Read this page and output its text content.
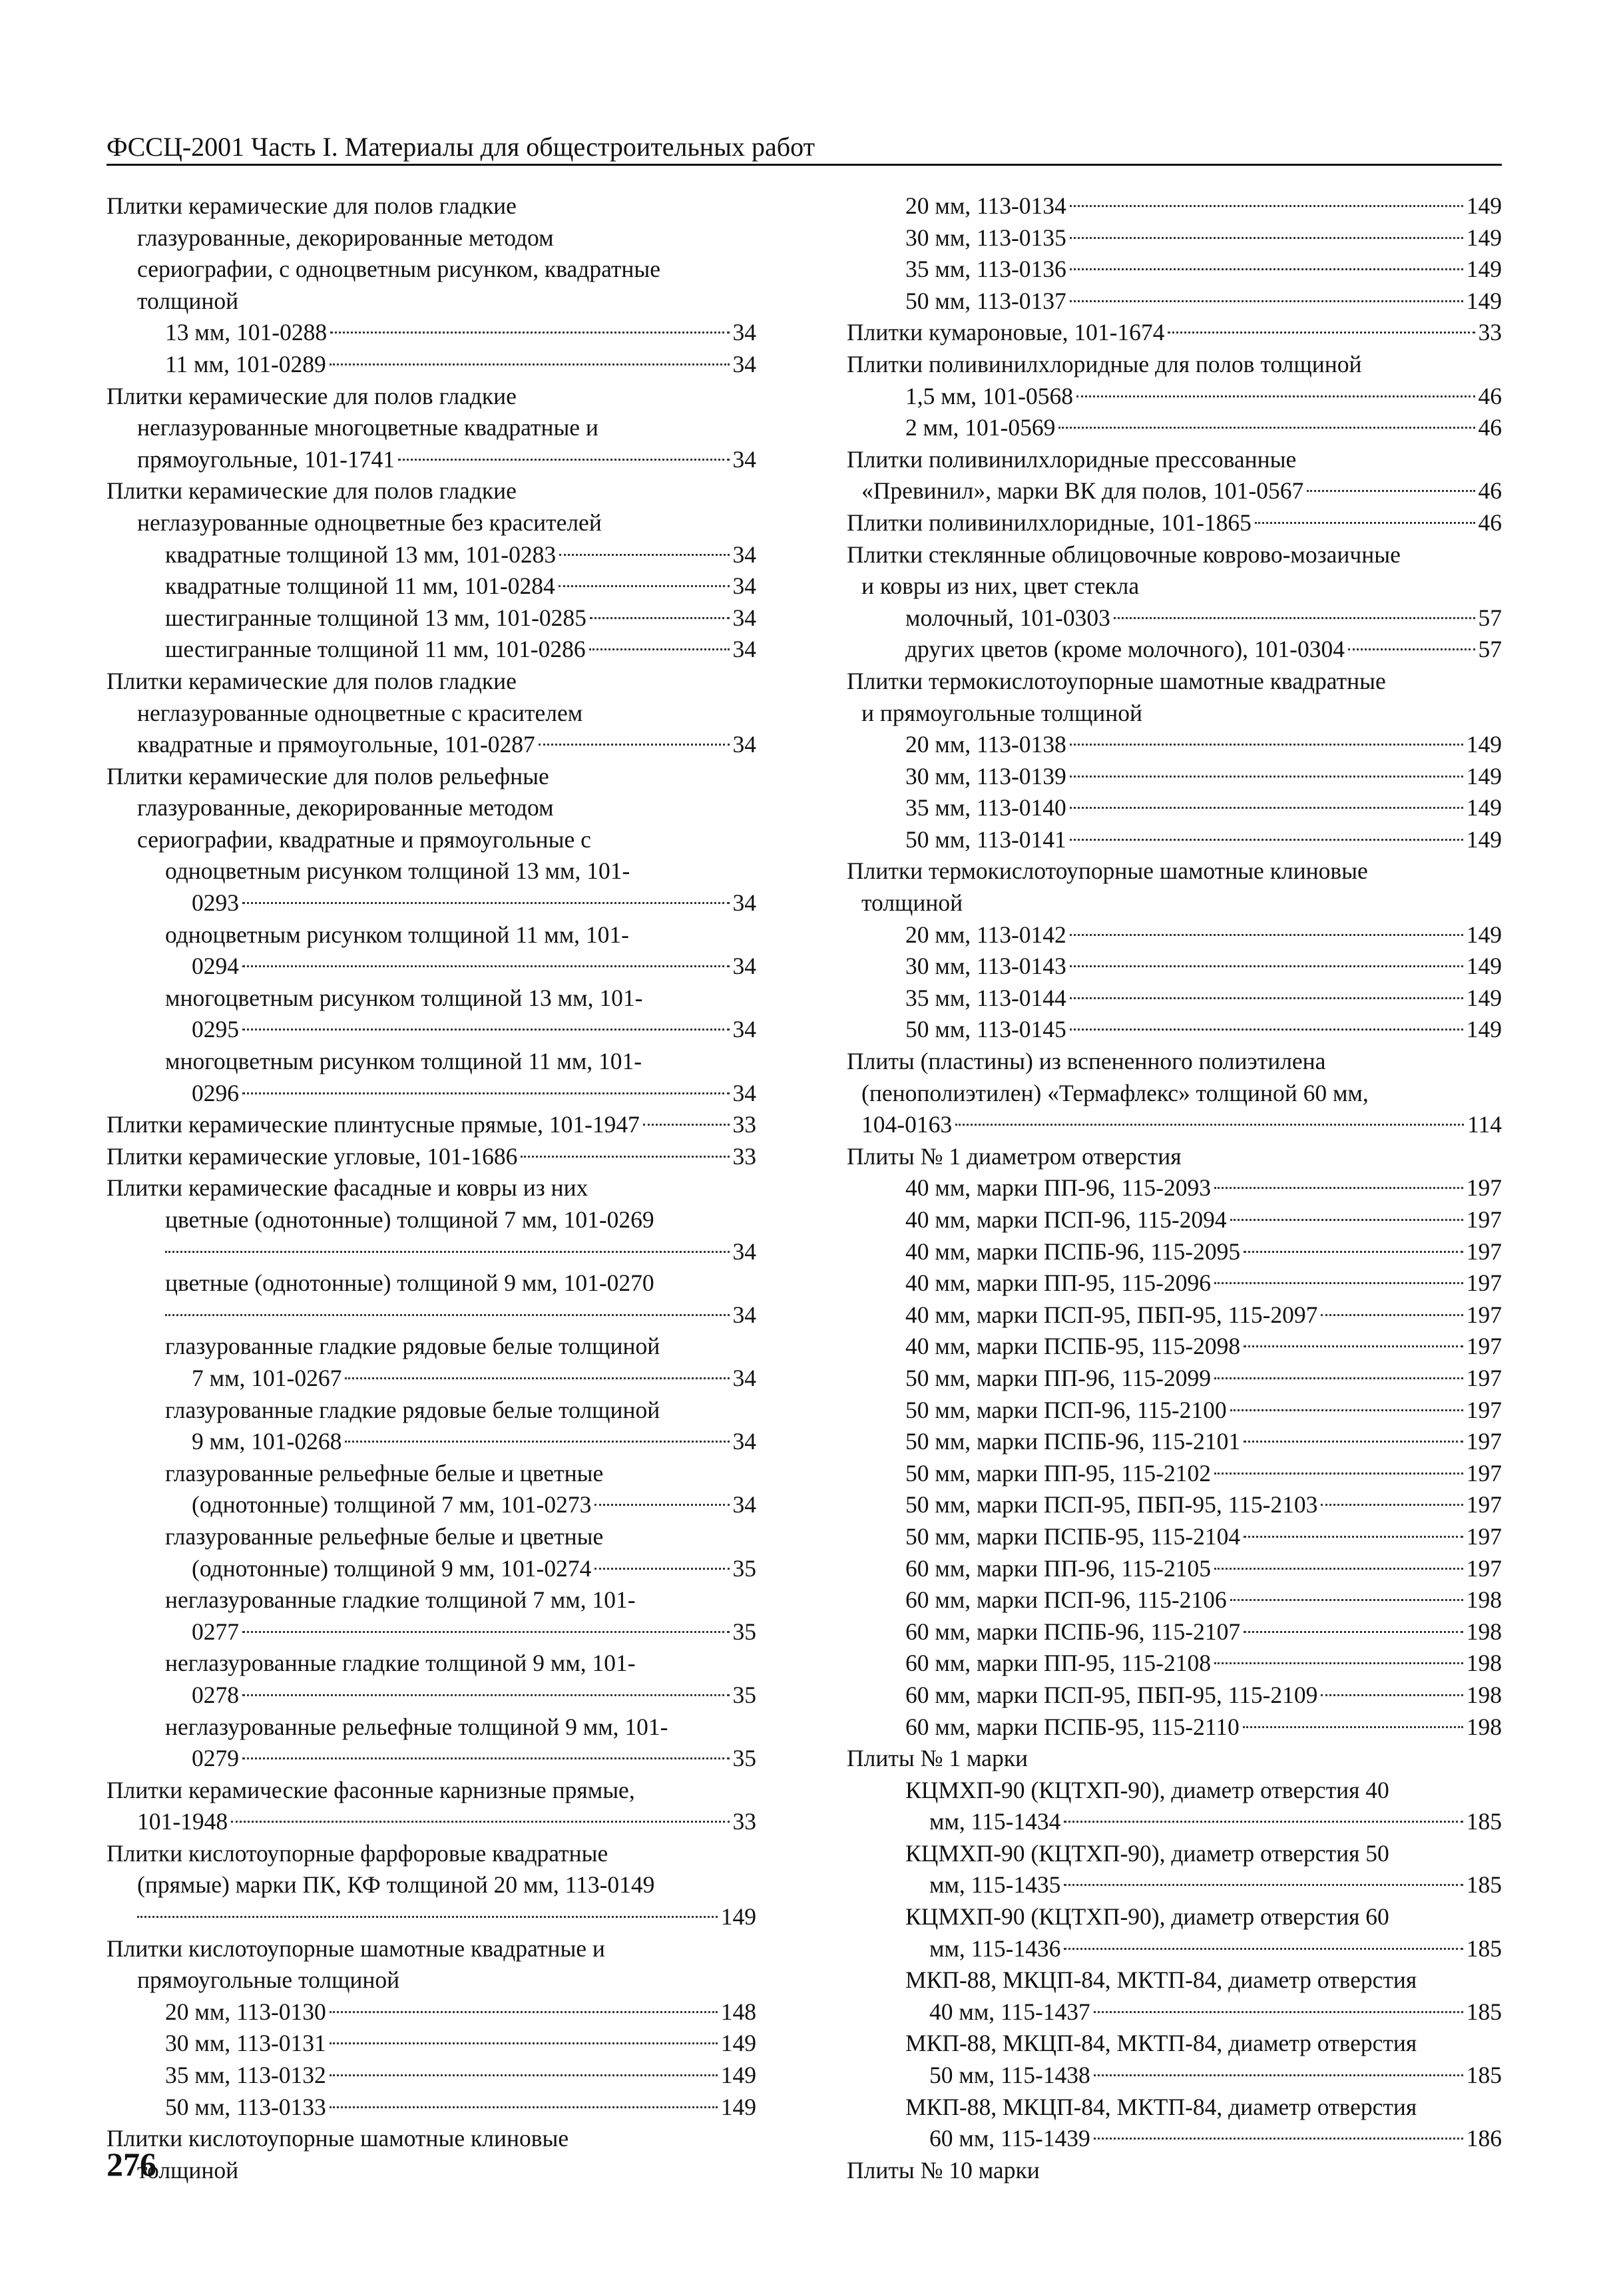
ФССЦ-2001 Часть I. Материалы для общестроительных работ
Плитки керамические для полов гладкие
глазурованные, декорированные методом
сериографии, с одноцветным рисунком, квадратные
толщиной
13 мм, 101-0288	34
11 мм, 101-0289	34
Плитки керамические для полов гладкие
неглазурованные многоцветные квадратные и
прямоугольные, 101-1741	34
Плитки керамические для полов гладкие
неглазурованные одноцветные без красителей
квадратные толщиной 13 мм, 101-0283	34
квадратные толщиной 11 мм, 101-0284	34
шестигранные толщиной 13 мм, 101-0285	34
шестигранные толщиной 11 мм, 101-0286	34
Плитки керамические для полов гладкие
неглазурованные одноцветные с красителем
квадратные и прямоугольные, 101-0287	34
Плитки керамические для полов рельефные
глазурованные, декорированные методом
сериографии, квадратные и прямоугольные с
одноцветным рисунком толщиной 13 мм, 101-
0293	34
одноцветным рисунком толщиной 11 мм, 101-
0294	34
многоцветным рисунком толщиной 13 мм, 101-
0295	34
многоцветным рисунком толщиной 11 мм, 101-
0296	34
Плитки керамические плинтусные прямые, 101-1947	33
Плитки керамические угловые, 101-1686	33
Плитки керамические фасадные и ковры из них
цветные (однотонные) толщиной 7 мм, 101-0269
34
цветные (однотонные) толщиной 9 мм, 101-0270
34
глазурованные гладкие рядовые белые толщиной
7 мм, 101-0267	34
глазурованные гладкие рядовые белые толщиной
9 мм, 101-0268	34
глазурованные рельефные белые и цветные
(однотонные) толщиной 7 мм, 101-0273	34
глазурованные рельефные белые и цветные
(однотонные) толщиной 9 мм, 101-0274	35
неглазурованные гладкие толщиной 7 мм, 101-
0277	35
неглазурованные гладкие толщиной 9 мм, 101-
0278	35
неглазурованные рельефные толщиной 9 мм, 101-
0279	35
Плитки керамические фасонные карнизные прямые,
101-1948	33
Плитки кислотоупорные фарфоровые квадратные
(прямые) марки ПК, КФ толщиной 20 мм, 113-0149
149
Плитки кислотоупорные шамотные квадратные и
прямоугольные толщиной
20 мм, 113-0130	148
30 мм, 113-0131	149
35 мм, 113-0132	149
50 мм, 113-0133	149
Плитки кислотоупорные шамотные клиновые
толщиной
20 мм, 113-0134	149
30 мм, 113-0135	149
35 мм, 113-0136	149
50 мм, 113-0137	149
Плитки кумароновые, 101-1674	33
Плитки поливинилхлоридные для полов толщиной
1,5 мм, 101-0568	46
2 мм, 101-0569	46
Плитки поливинилхлоридные прессованные
«Превинил», марки ВК для полов, 101-0567	46
Плитки поливинилхлоридные, 101-1865	46
Плитки стеклянные облицовочные коврово-мозаичные
и ковры из них, цвет стекла
молочный, 101-0303	57
других цветов (кроме молочного), 101-0304	57
Плитки термокислотоупорные шамотные квадратные
и прямоугольные толщиной
20 мм, 113-0138	149
30 мм, 113-0139	149
35 мм, 113-0140	149
50 мм, 113-0141	149
Плитки термокислотоупорные шамотные клиновые
толщиной
20 мм, 113-0142	149
30 мм, 113-0143	149
35 мм, 113-0144	149
50 мм, 113-0145	149
Плиты (пластины) из вспененного полиэтилена
(пенополиэтилен) «Термафлекс» толщиной 60 мм,
104-0163	114
Плиты № 1 диаметром отверстия
40 мм, марки ПП-96, 115-2093	197
40 мм, марки ПСП-96, 115-2094	197
40 мм, марки ПСПБ-96, 115-2095	197
40 мм, марки ПП-95, 115-2096	197
40 мм, марки ПСП-95, ПБП-95, 115-2097	197
40 мм, марки ПСПБ-95, 115-2098	197
50 мм, марки ПП-96, 115-2099	197
50 мм, марки ПСП-96, 115-2100	197
50 мм, марки ПСПБ-96, 115-2101	197
50 мм, марки ПП-95, 115-2102	197
50 мм, марки ПСП-95, ПБП-95, 115-2103	197
50 мм, марки ПСПБ-95, 115-2104	197
60 мм, марки ПП-96, 115-2105	197
60 мм, марки ПСП-96, 115-2106	198
60 мм, марки ПСПБ-96, 115-2107	198
60 мм, марки ПП-95, 115-2108	198
60 мм, марки ПСП-95, ПБП-95, 115-2109	198
60 мм, марки ПСПБ-95, 115-2110	198
Плиты № 1 марки
КЦМХП-90 (КЦТХП-90), диаметр отверстия 40
мм, 115-1434	185
КЦМХП-90 (КЦТХП-90), диаметр отверстия 50
мм, 115-1435	185
КЦМХП-90 (КЦТХП-90), диаметр отверстия 60
мм, 115-1436	185
МКП-88, МКЦП-84, МКТП-84, диаметр отверстия
40 мм, 115-1437	185
МКП-88, МКЦП-84, МКТП-84, диаметр отверстия
50 мм, 115-1438	185
МКП-88, МКЦП-84, МКТП-84, диаметр отверстия
60 мм, 115-1439	186
Плиты № 10 марки
276
